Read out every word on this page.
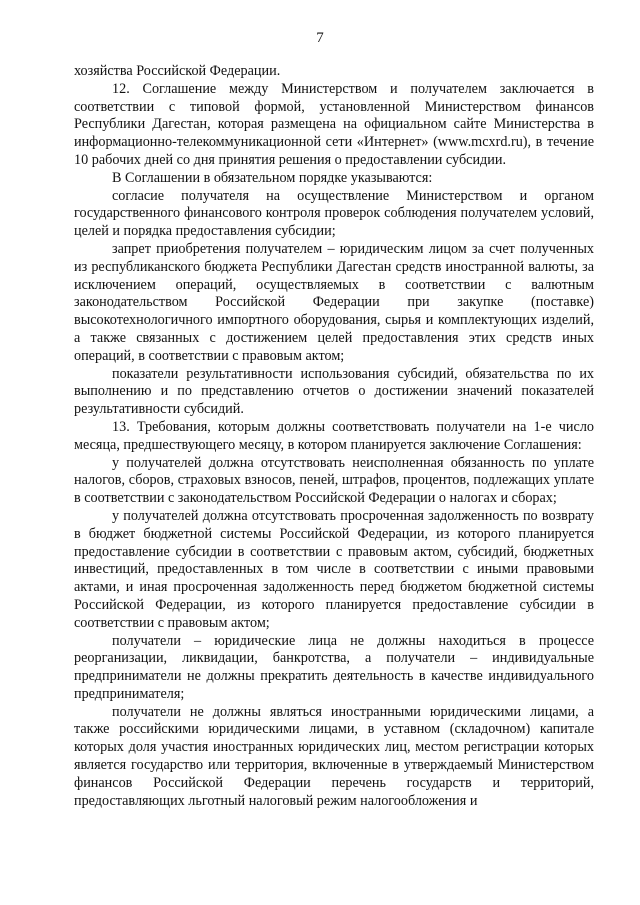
7

хозяйства Российской Федерации.

12. Соглашение между Министерством и получателем заключается в соответствии с типовой формой, установленной Министерством финансов Республики Дагестан, которая размещена на официальном сайте Министерства в информационно-телекоммуникационной сети «Интернет» (www.mcxrd.ru), в течение 10 рабочих дней со дня принятия решения о предоставлении субсидии.

В Соглашении в обязательном порядке указываются:

согласие получателя на осуществление Министерством и органом государственного финансового контроля проверок соблюдения получателем условий, целей и порядка предоставления субсидии;

запрет приобретения получателем – юридическим лицом за счет полученных из республиканского бюджета Республики Дагестан средств иностранной валюты, за исключением операций, осуществляемых в соответствии с валютным законодательством Российской Федерации при закупке (поставке) высокотехнологичного импортного оборудования, сырья и комплектующих изделий, а также связанных с достижением целей предоставления этих средств иных операций, в соответствии с правовым актом;

показатели результативности использования субсидий, обязательства по их выполнению и по представлению отчетов о достижении значений показателей результативности субсидий.

13. Требования, которым должны соответствовать получатели на 1-е число месяца, предшествующего месяцу, в котором планируется заключение Соглашения:

у получателей должна отсутствовать неисполненная обязанность по уплате налогов, сборов, страховых взносов, пеней, штрафов, процентов, подлежащих уплате в соответствии с законодательством Российской Федерации о налогах и сборах;

у получателей должна отсутствовать просроченная задолженность по возврату в бюджет бюджетной системы Российской Федерации, из которого планируется предоставление субсидии в соответствии с правовым актом, субсидий, бюджетных инвестиций, предоставленных в том числе в соответствии с иными правовыми актами, и иная просроченная задолженность перед бюджетом бюджетной системы Российской Федерации, из которого планируется предоставление субсидии в соответствии с правовым актом;

получатели – юридические лица не должны находиться в процессе реорганизации, ликвидации, банкротства, а получатели – индивидуальные предприниматели не должны прекратить деятельность в качестве индивидуального предпринимателя;

получатели не должны являться иностранными юридическими лицами, а также российскими юридическими лицами, в уставном (складочном) капитале которых доля участия иностранных юридических лиц, местом регистрации которых является государство или территория, включенные в утверждаемый Министерством финансов Российской Федерации перечень государств и территорий, предоставляющих льготный налоговый режим налогообложения и
